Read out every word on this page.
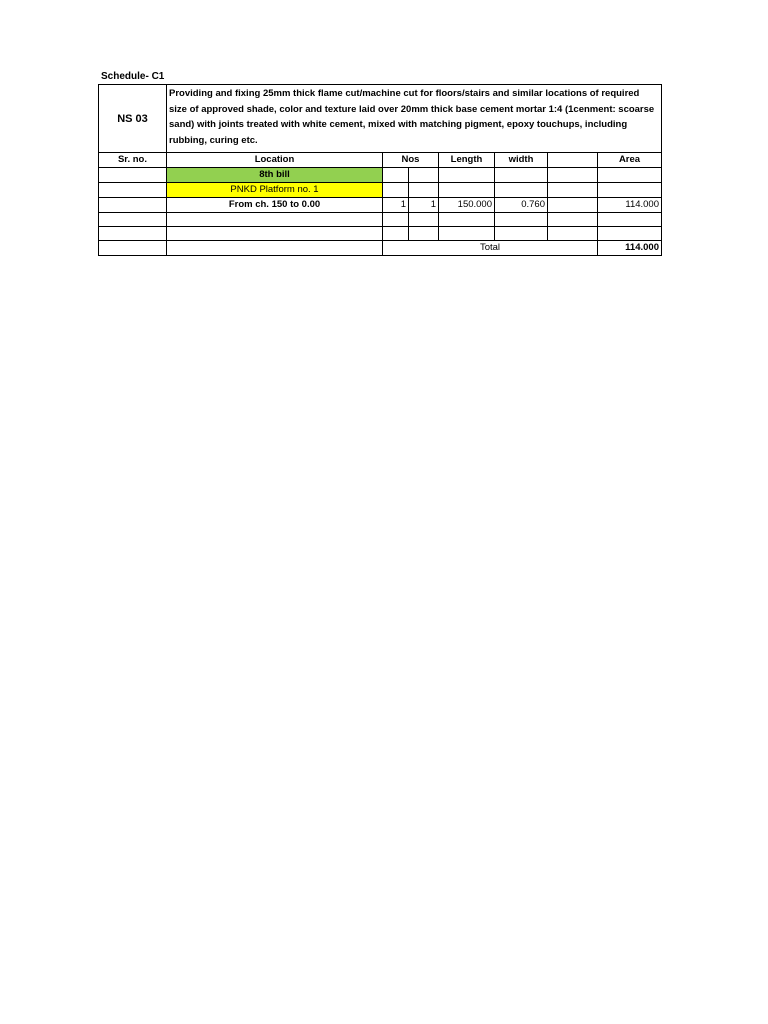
Schedule- C1
NS 03	Providing and fixing 25mm thick flame cut/machine cut for floors/stairs and similar locations of required size of approved shade, color and texture laid over 20mm thick base cement mortar 1:4 (1cenment: scoarse sand) with joints treated with white cement, mixed with matching pigment, epoxy touchups, including rubbing, curing etc.						
Sr. no.	Location	Nos		Length	width		Area
	8th bill						
	PNKD Platform no. 1						
	From ch. 150 to 0.00	1	1	150.000	0.760		114.000

		Total					114.000
